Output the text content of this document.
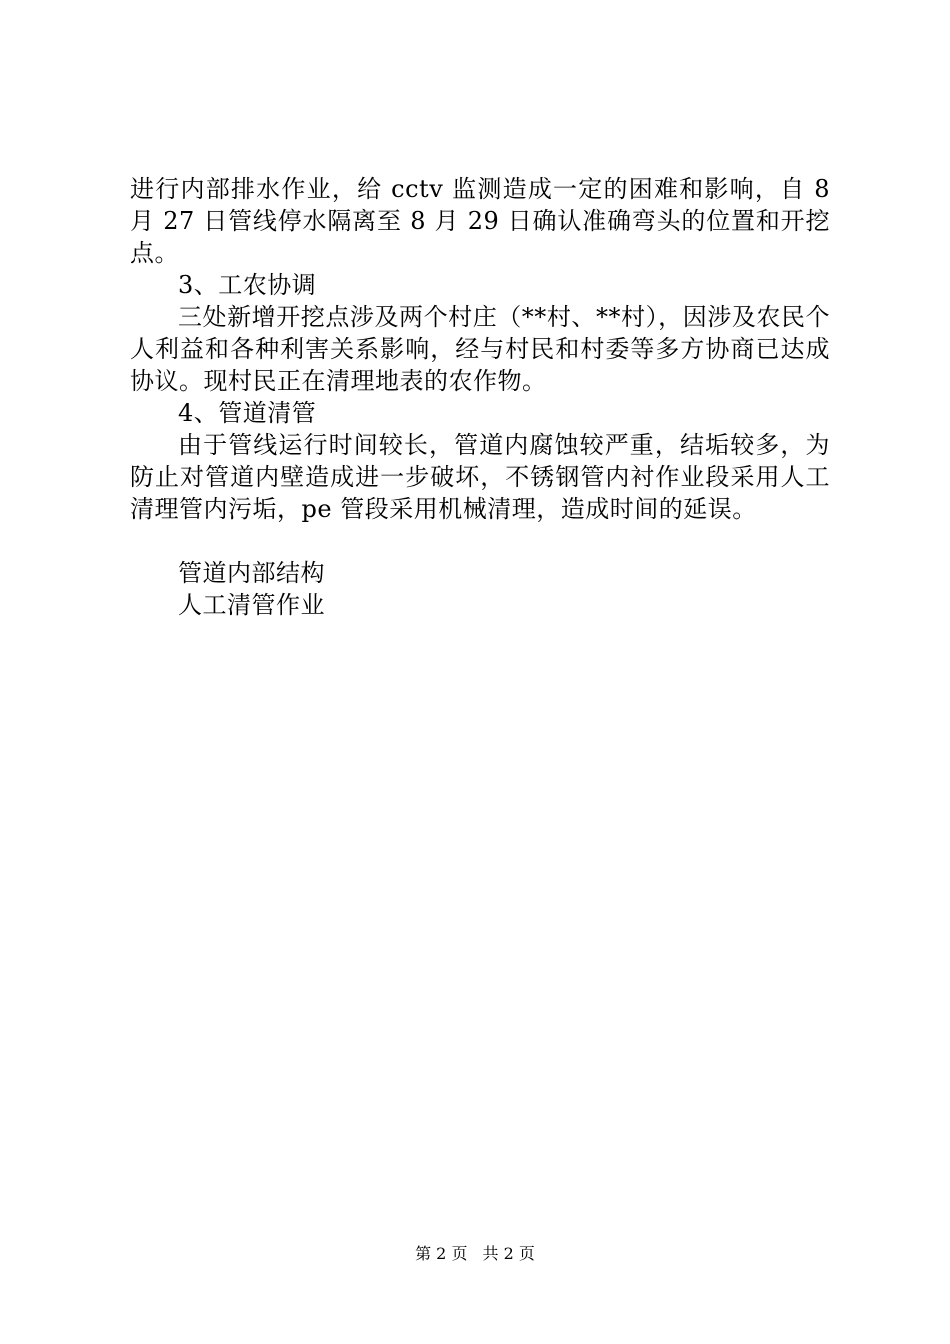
进行内部排水作业，给 cctv 监测造成一定的困难和影响，自 8 月 27 日管线停水隔离至 8 月 29 日确认准确弯头的位置和开挖点。

3、工农协调

三处新增开挖点涉及两个村庄（**村、**村），因涉及农民个人利益和各种利害关系影响，经与村民和村委等多方协商已达成协议。现村民正在清理地表的农作物。

4、管道清管

由于管线运行时间较长，管道内腐蚀较严重，结垢较多，为防止对管道内壁造成进一步破坏，不锈钢管内衬作业段采用人工清理管内污垢，pe 管段采用机械清理，造成时间的延误。

管道内部结构

人工清管作业

第 2 页 共 2 页
